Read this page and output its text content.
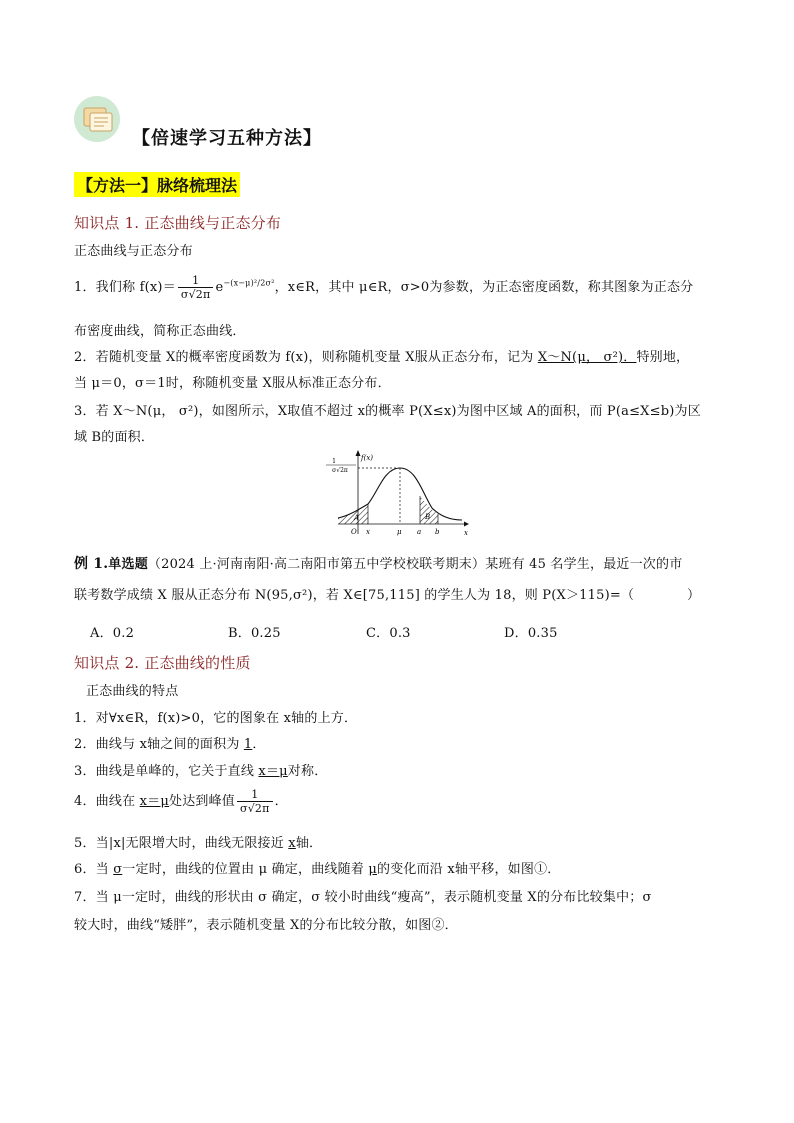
【倍速学习五种方法】
【方法一】脉络梳理法
知识点 1. 正态曲线与正态分布
正态曲线与正态分布
1．我们称 $f(x)= \frac{1}{\sigma√2\pi} e^{-(x-\mu)^2/2\sigma^2}$，x∈R，其中 μ∈R，σ>0为参数，为正态密度函数，称其图象为正态分
布密度曲线，简称正态曲线．
2．若随机变量 X的概率密度函数为 f(x)，则称随机变量 X服从正态分布，记为 X～N(μ， σ²)．特别地，
当 μ＝0，σ＝1时，称随机变量 X服从标准正态分布．
3．若 X～N(μ， σ²)，如图所示，X取值不超过 x的概率 P(X≤x)为图中区域 A的面积，而 P(a≤X≤b)为区
域 B的面积．
f(x)
x
1
σ√2π
O x	μ a b
A	B
例 1.单选题（2024 上·河南南阳·高二南阳市第五中学校校联考期末）某班有 45 名学生，最近一次的市
联考数学成绩 X 服从正态分布 N(95,σ²)，若 X∈[75,115] 的学生人为 18，则 P(X＞115)=（　　　　）
A．0.2	B．0.25	C．0.3	D．0.35
知识点 2. 正态曲线的性质
正态曲线的特点
1．对∀x∈R，f(x)>0，它的图象在 x轴的上方．
2．曲线与 x轴之间的面积为 1．
3．曲线是单峰的，它关于直线 x＝μ对称．
4．曲线在 x＝μ处达到峰值 $\frac{1}{\sigma√2\pi}$ ．
5．当|x|无限增大时，曲线无限接近 x轴．
6．当 σ一定时，曲线的位置由 μ 确定，曲线随着 μ的变化而沿 x轴平移，如图①．
7．当 μ一定时，曲线的形状由 σ 确定，σ 较小时曲线“瘦高”，表示随机变量 X的分布比较集中；σ
较大时，曲线“矮胖”，表示随机变量 X的分布比较分散，如图②．
